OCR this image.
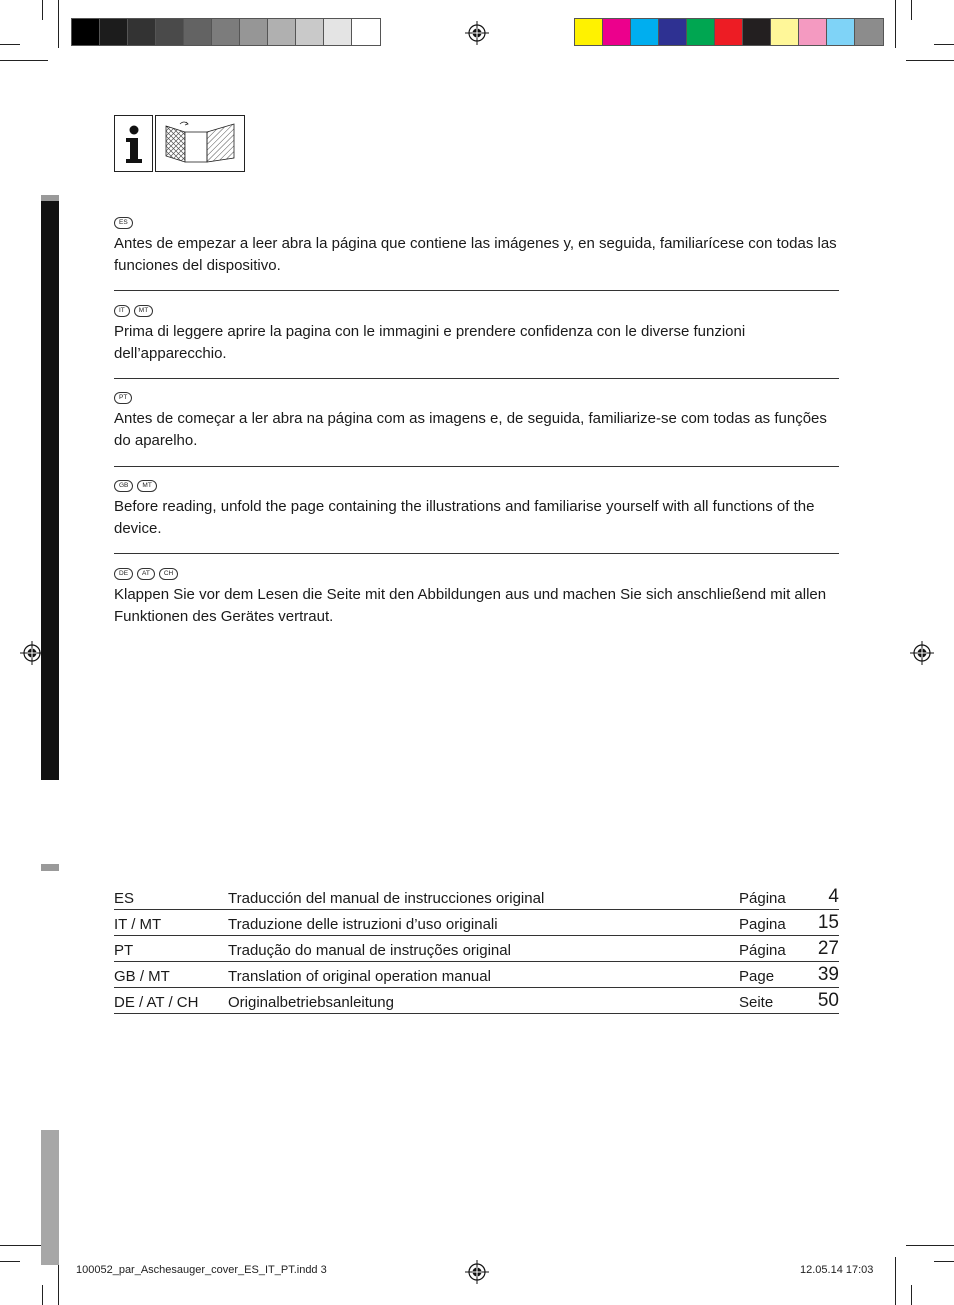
ES
Antes de empezar a leer abra la página que contiene las imágenes y, en seguida, familiarícese con todas las funciones del dispositivo.
IT	MT
Prima di leggere aprire la pagina con le immagini e prendere confidenza con le diverse funzioni dell’apparecchio.
PT
Antes de começar a ler abra na página com as imagens e, de seguida, familiarize-se com todas as funções do aparelho.
GB	MT
Before reading, unfold the page containing the illustrations and familiarise yourself with all functions of the device.
DE	AT	CH
Klappen Sie vor dem Lesen die Seite mit den Abbildungen aus und machen Sie sich anschließend mit allen Funktionen des Gerätes vertraut.
ES	Traducción del manual de instrucciones original	Página	4
IT / MT	Traduzione delle istruzioni d’uso originali	Pagina	15
PT	Tradução do manual de instruções original	Página	27
GB / MT	Translation of original operation manual	Page	39
DE / AT / CH	Originalbetriebsanleitung	Seite	50
100052_par_Aschesauger_cover_ES_IT_PT.indd 3	12.05.14 17:03
